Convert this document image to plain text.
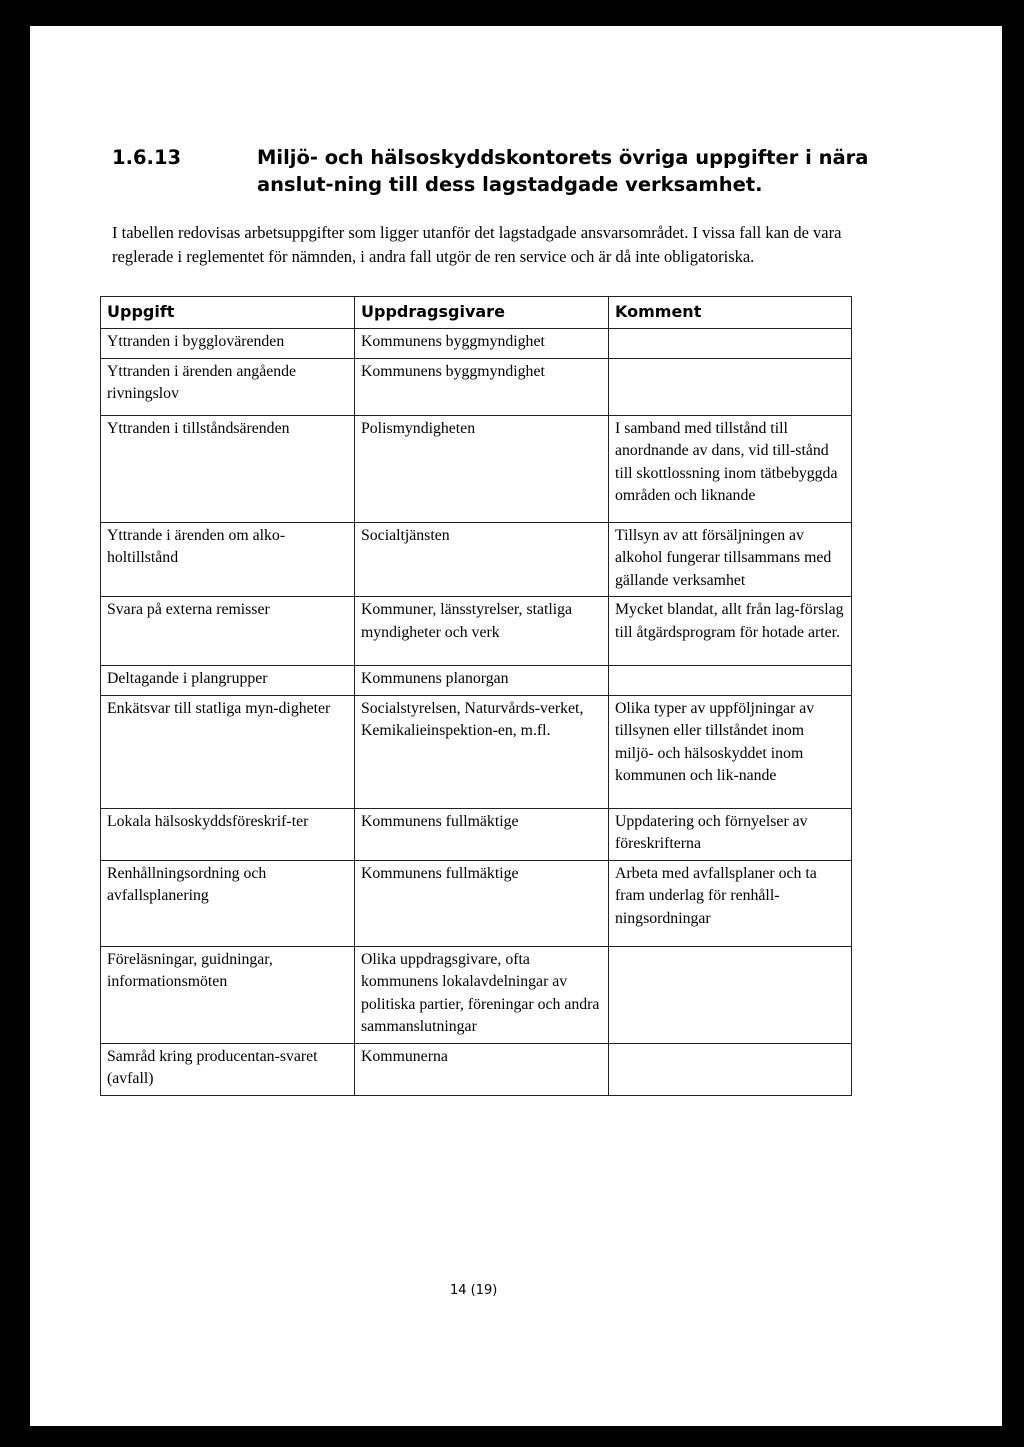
1.6.13	Miljö- och hälsoskyddskontorets övriga uppgifter i nära anslut-ning till dess lagstadgade verksamhet.

I tabellen redovisas arbetsuppgifter som ligger utanför det lagstadgade ansvarsområdet. I vissa fall kan de vara reglerade i reglementet för nämnden, i andra fall utgör de ren service och är då inte obligatoriska.

Uppgift	Uppdragsgivare	Komment
Yttranden i bygglovärenden	Kommunens byggmyndighet	
Yttranden i ärenden angående rivningslov	Kommunens byggmyndighet	
Yttranden i tillståndsärenden	Polismyndigheten	I samband med tillstånd till anordnande av dans, vid till-stånd till skottlossning inom tätbebyggda områden och liknande
Yttrande i ärenden om alko-holtillstånd	Socialtjänsten	Tillsyn av att försäljningen av alkohol fungerar tillsammans med gällande verksamhet
Svara på externa remisser	Kommuner, länsstyrelser, statliga myndigheter och verk	Mycket blandat, allt från lag-förslag till åtgärdsprogram för hotade arter.
Deltagande i plangrupper	Kommunens planorgan	
Enkätsvar till statliga myn-digheter	Socialstyrelsen, Naturvårds-verket, Kemikalieinspektion-en, m.fl.	Olika typer av uppföljningar av tillsynen eller tillståndet inom miljö- och hälsoskyddet inom kommunen och lik-nande
Lokala hälsoskyddsföreskrif-ter	Kommunens fullmäktige	Uppdatering och förnyelser av föreskrifterna
Renhållningsordning och avfallsplanering	Kommunens fullmäktige	Arbeta med avfallsplaner och ta fram underlag för renhåll-ningsordningar
Föreläsningar, guidningar, informationsmöten	Olika uppdragsgivare, ofta kommunens lokalavdelningar av politiska partier, föreningar och andra sammanslutningar	
Samråd kring producentan-svaret (avfall)	Kommunerna	
14 (19)
